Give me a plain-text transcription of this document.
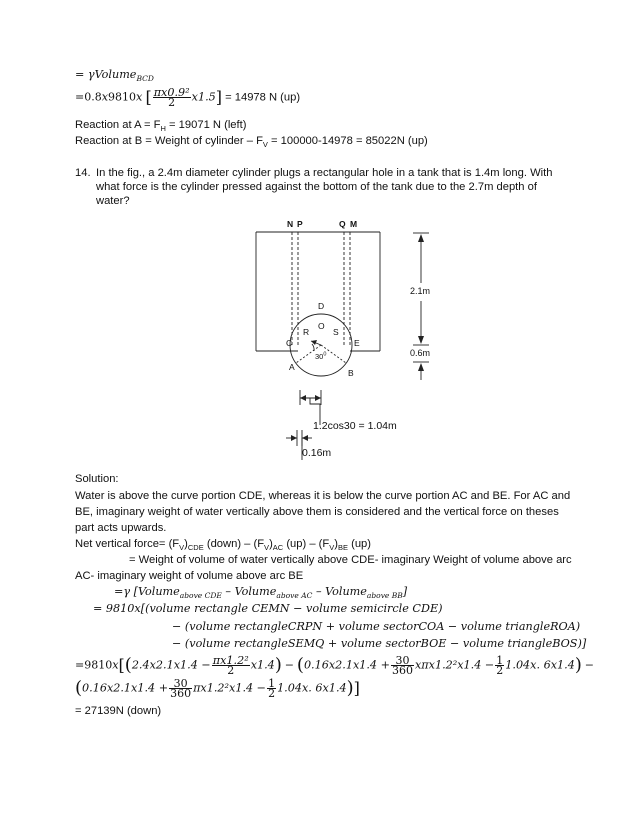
= γVolume$_{BCD}$
=0.8x9810x [ $\frac{\text{πx0.9²}}{2} x1.5] = 14978$ N (up)
Reaction at $A = F_H = 19071$ N (left)
Reaction at B = Weight of cylinder – $F_V = 100000-14978 = 85022N$ (up)
14. In the fig., a 2.4m diameter cylinder plugs a rectangular hole in a tank that is 1.4m long. With what force is the cylinder pressed against the bottom of the tank due to the 2.7m depth of water?
N P	Q M
D
O
R	S
C	E
A
B
$30^0$
2.1m
0.6m
1.2cos30 = 1.04m
0.16m
Solution:
Water is above the curve portion CDE, whereas it is below the curve portion AC and BE. For AC and BE, imaginary weight of water vertically above them is considered and the vertical force on theses part acts upwards.
Net vertical force= $(F_V)_{CDE}$ (down) – $(F_V)_{AC}$ $(up) - (F_V)_{BE}$ (up)
= Weight of volume of water vertically above CDE- imaginary Weight of volume above arc
AC- imaginary weight of volume above arc BE
=γ [Volume$_{above CDE}$ – Volume$_{above AC}$ – Volume$_{above BB}$]
= 9810x[(volume rectangle CEMN − volume semicircle CDE)
− (volume rectangleCRPN + volume sectorCOA − volume triangleROA)
− (volume rectangleSEMQ + volume sectorBOE − volume triangleBOS)]
$=9810x[(2.4x2.1x1.4 - \frac{\text{πx1.2²}}{2} x1.4) - (0.16x2.1x1.4 + \frac{30}{360} x\pi x1.2^2x1.4 - \frac{1}{2} 1.04x$. 6x1.4) −
($0.16x2.1x1.4 + \frac{30}{360} \pi x1.2^2x1.4 - \frac{1}{2} 1.04x$. 6x1.4)]
= 27139N (down)
